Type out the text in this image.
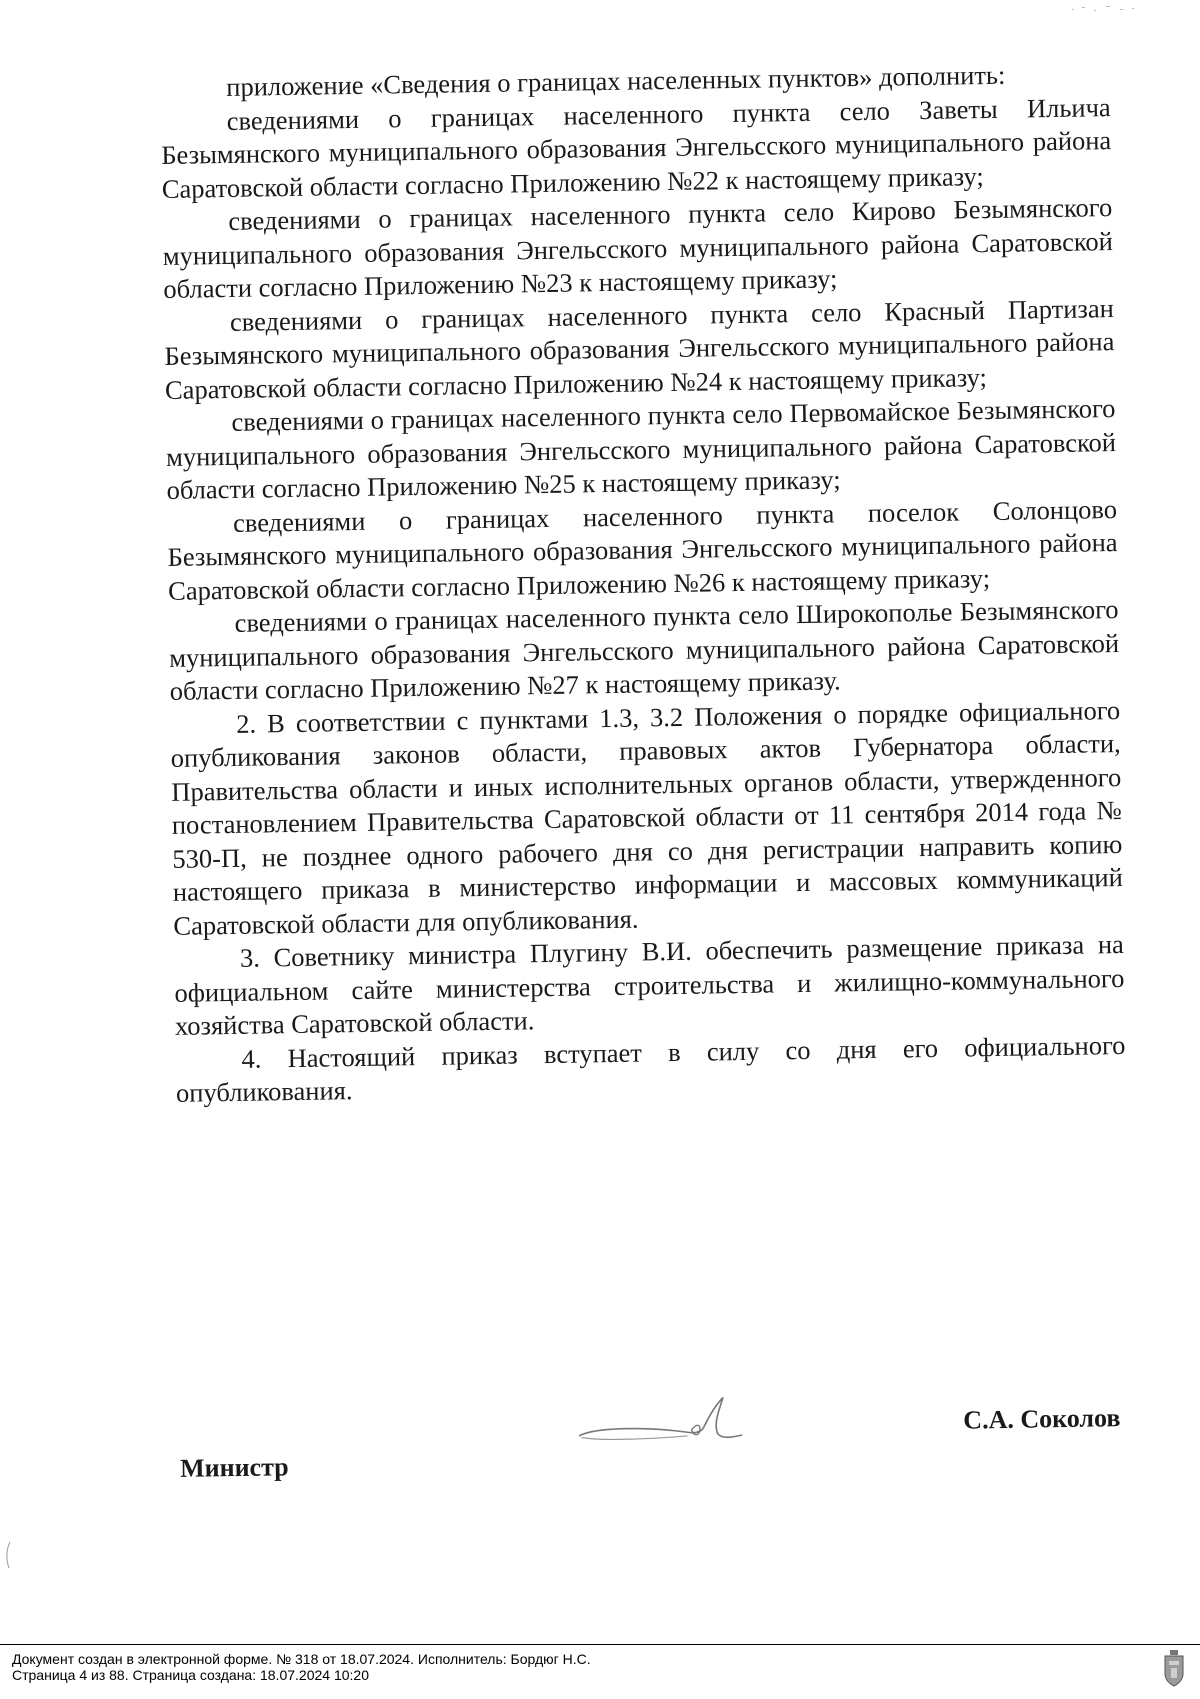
приложение «Сведения о границах населенных пунктов» дополнить:

сведениями о границах населенного пункта село Заветы Ильича Безымянского муниципального образования Энгельсского муниципального района Саратовской области согласно Приложению №22 к настоящему приказу;

сведениями о границах населенного пункта село Кирово Безымянского муниципального образования Энгельсского муниципального района Саратовской области согласно Приложению №23 к настоящему приказу;

сведениями о границах населенного пункта село Красный Партизан Безымянского муниципального образования Энгельсского муниципального района Саратовской области согласно Приложению №24 к настоящему приказу;

сведениями о границах населенного пункта село Первомайское Безымянского муниципального образования Энгельсского муниципального района Саратовской области согласно Приложению №25 к настоящему приказу;

сведениями о границах населенного пункта поселок Солонцово Безымянского муниципального образования Энгельсского муниципального района Саратовской области согласно Приложению №26 к настоящему приказу;

сведениями о границах населенного пункта село Широкополье Безымянского муниципального образования Энгельсского муниципального района Саратовской области согласно Приложению №27 к настоящему приказу.

2. В соответствии с пунктами 1.3, 3.2 Положения о порядке официального опубликования законов области, правовых актов Губернатора области, Правительства области и иных исполнительных органов области, утвержденного постановлением Правительства Саратовской области от 11 сентября 2014 года № 530-П, не позднее одного рабочего дня со дня регистрации направить копию настоящего приказа в министерство информации и массовых коммуникаций Саратовской области для опубликования.

3. Советнику министра Плугину В.И. обеспечить размещение приказа на официальном сайте министерства строительства и жилищно-коммунального хозяйства Саратовской области.

4. Настоящий приказ вступает в силу со дня его официального опубликования.

Министр
С.А. Соколов
Документ создан в электронной форме. № 318 от 18.07.2024. Исполнитель: Бордюг Н.С.
Страница 4 из 88. Страница создана: 18.07.2024 10:20
